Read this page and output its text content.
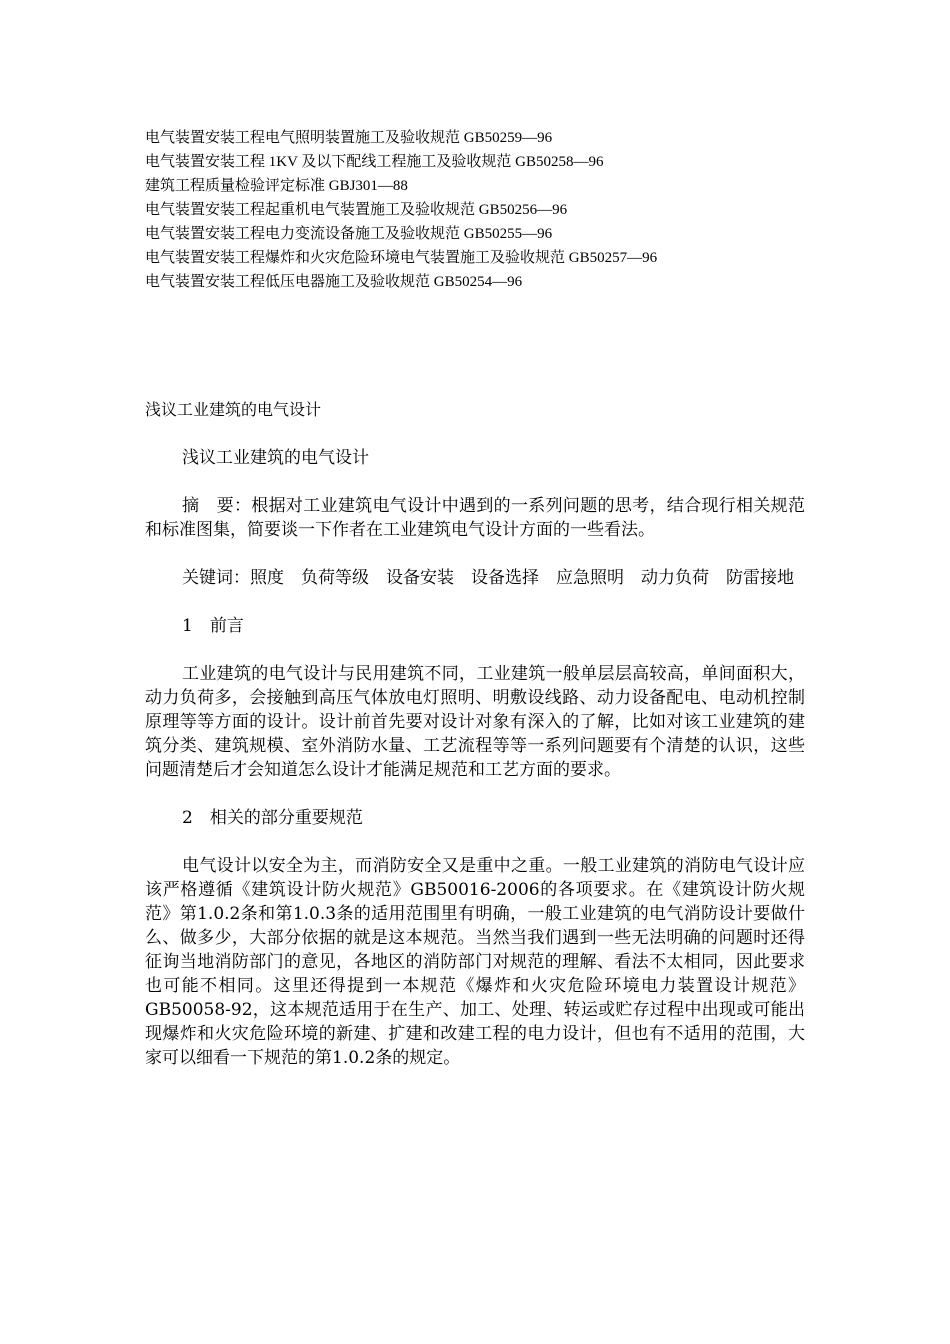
电气装置安装工程电气照明装置施工及验收规范 GB50259—96
电气装置安装工程 1KV 及以下配线工程施工及验收规范 GB50258—96
建筑工程质量检验评定标准 GBJ301—88
电气装置安装工程起重机电气装置施工及验收规范 GB50256—96
电气装置安装工程电力变流设备施工及验收规范 GB50255—96
电气装置安装工程爆炸和火灾危险环境电气装置施工及验收规范 GB50257—96
电气装置安装工程低压电器施工及验收规范 GB50254—96
浅议工业建筑的电气设计

浅议工业建筑的电气设计

摘　要：根据对工业建筑电气设计中遇到的一系列问题的思考，结合现行相关规范和标准图集，简要谈一下作者在工业建筑电气设计方面的一些看法。

关键词：照度　负荷等级　设备安装　设备选择　应急照明　动力负荷　防雷接地

1　前言

工业建筑的电气设计与民用建筑不同，工业建筑一般单层层高较高，单间面积大，动力负荷多，会接触到高压气体放电灯照明、明敷设线路、动力设备配电、电动机控制原理等等方面的设计。设计前首先要对设计对象有深入的了解，比如对该工业建筑的建筑分类、建筑规模、室外消防水量、工艺流程等等一系列问题要有个清楚的认识，这些问题清楚后才会知道怎么设计才能满足规范和工艺方面的要求。

2　相关的部分重要规范

电气设计以安全为主，而消防安全又是重中之重。一般工业建筑的消防电气设计应该严格遵循《建筑设计防火规范》GB50016-2006的各项要求。在《建筑设计防火规范》第1.0.2条和第1.0.3条的适用范围里有明确，一般工业建筑的电气消防设计要做什么、做多少，大部分依据的就是这本规范。当然当我们遇到一些无法明确的问题时还得征询当地消防部门的意见，各地区的消防部门对规范的理解、看法不太相同，因此要求也可能不相同。这里还得提到一本规范《爆炸和火灾危险环境电力装置设计规范》GB50058-92，这本规范适用于在生产、加工、处理、转运或贮存过程中出现或可能出现爆炸和火灾危险环境的新建、扩建和改建工程的电力设计，但也有不适用的范围，大家可以细看一下规范的第1.0.2条的规定。
